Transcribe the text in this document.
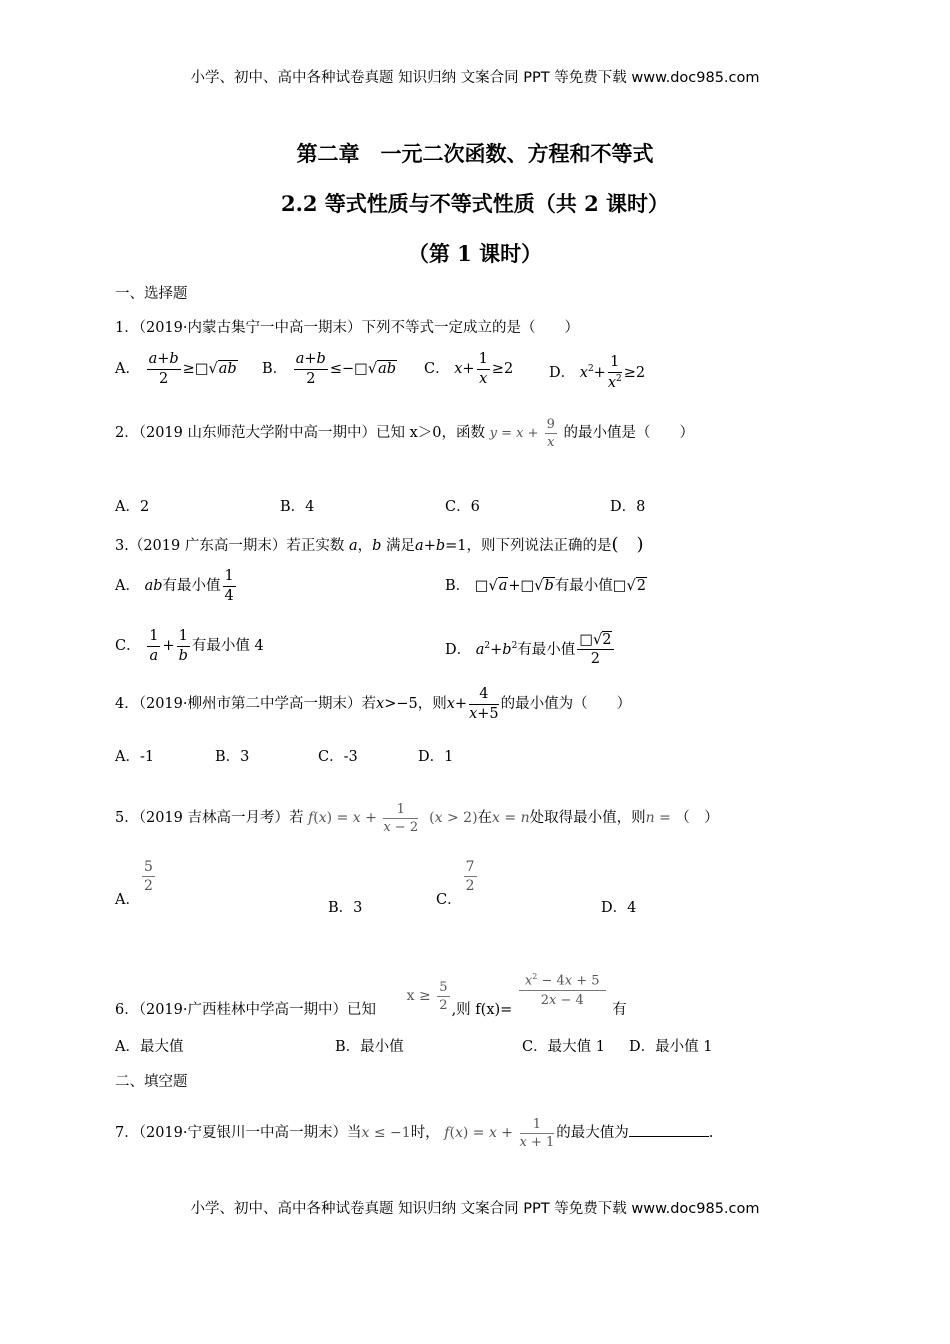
小学、初中、高中各种试卷真题 知识归纳 文案合同 PPT 等免费下载 www.doc985.com
第二章　一元二次函数、方程和不等式
2.2 等式性质与不等式性质（共 2 课时）
（第 1 课时）
一、选择题
1．（2019·内蒙古集宁一中高一期末）下列不等式一定成立的是（　　）
A． $\frac{a+b}{2}$ ≥□√ab B． $\frac{a+b}{2}$ ≤−□√ab C． $x+ \frac{1}{x} \ge 2$ D． $x^2+ \frac{1}{x^2} \ge 2$
2．（2019 山东师范大学附中高一期中）已知 x＞0，函数 $y = x + \frac{9}{x}$ 的最小值是（　　）
A．2	B．4	C．6	D．8
3.（2019 广东高一期末）若正实数 a，b 满足a+b=1，则下列说法正确的是(　)
A． ab有最小值 $\frac{1}{4}$	B． □√a+□√b有最小值□√2
C． $\frac{1}{a} + \frac{1}{b}$ 有最小值 4	D． $a^2+b^2$有最小值 $\frac{□√2}{2}$
4．（2019·柳州市第二中学高一期末）若x>−5，则$x+ \frac{4}{x+5}$ 的最小值为（　　）
A．-1	B．3	C．-3	D．1
5．（2019 吉林高一月考）若 $f(x) = x + \frac{1}{x - 2} (x > 2)$在x = n处取得最小值，则n = （　）
A．
$\frac{5}{2}$
B．3	C．
$\frac{7}{2}$
D．4
6．（2019·广西桂林中学高一期中）已知 $x \ge \frac{5}{2}$ ,则 f(x)=
$\frac{x^2 - 4x + 5}{2x - 4}$
有
A．最大值	B．最小值	C．最大值 1 D．最小值 1
二、填空题
7．（2019·宁夏银川一中高一期末）当x ≤ −1时， $f(x) = x + \frac{1}{x + 1}$ 的最大值为	.
小学、初中、高中各种试卷真题 知识归纳 文案合同 PPT 等免费下载 www.doc985.com
